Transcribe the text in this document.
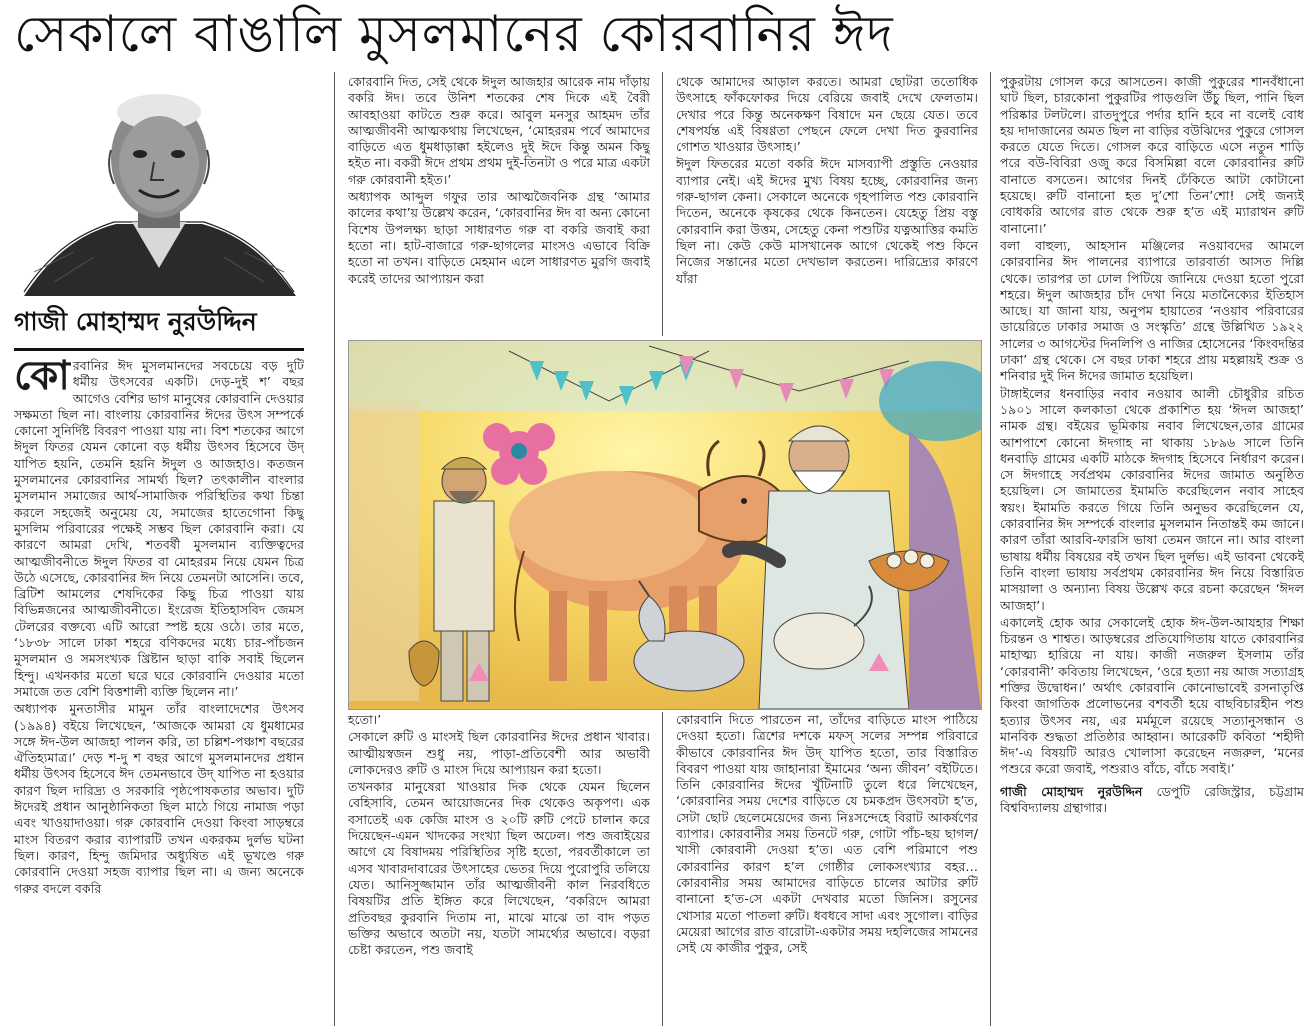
সেকালে বাঙালি মুসলমানের কোরবানির ঈদ
গাজী মোহাম্মদ নুরউদ্দিন

কোরবানির ঈদ মুসলমানদের সবচেয়ে বড় দুটি ধর্মীয় উৎসবের একটি। দেড়-দুই শ’ বছর আগেও বেশির ভাগ মানুষের কোরবানি দেওয়ার সক্ষমতা ছিল না। বাংলায় কোরবানির ঈদের উৎস সম্পর্কে কোনো সুনির্দিষ্ট বিবরণ পাওয়া যায় না। বিশ শতকের আগে ঈদুল ফিতর যেমন কোনো বড় ধর্মীয় উৎসব হিসেবে উদ্‌ যাপিত হয়নি, তেমনি হয়নি ঈদুল ও আজহাও। কতজন মুসলমানের কোরবানির সামর্থ্য ছিল? তৎকালীন বাংলার মুসলমান সমাজের আর্থ-সামাজিক পরিস্থিতির কথা চিন্তা করলে সহজেই অনুমেয় যে, সমাজের হাতেগোনা কিছু মুসলিম পরিবারের পক্ষেই সম্ভব ছিল কোরবানি করা। যে কারণে আমরা দেখি, শতবর্ষী মুসলমান ব্যক্তিত্বদের আত্মজীবনীতে ঈদুল ফিতর বা মোহররম নিয়ে যেমন চিত্র উঠে এসেছে, কোরবানির ঈদ নিয়ে তেমনটা আসেনি। তবে, ব্রিটিশ আমলের শেষদিকের কিছু চিত্র পাওয়া যায় বিভিন্নজনের আত্মজীবনীতে। ইংরেজ ইতিহাসবিদ জেমস টেলরের বক্তব্যে এটি আরো স্পষ্ট হয়ে ওঠে। তার মতে, ‘১৮৩৮ সালে ঢাকা শহরে বণিকদের মধ্যে চার-পাঁচজন মুসলমান ও সমসংখ্যক খ্রিষ্টান ছাড়া বাকি সবাই ছিলেন হিন্দু। এখনকার মতো ঘরে ঘরে কোরবানি দেওয়ার মতো সমাজে তত বেশি বিত্তশালী ব্যক্তি ছিলেন না।’

অধ্যাপক মুনতাসীর মামুন তাঁর বাংলাদেশের উৎসব (১৯৯৪) বইয়ে লিখেছেন, ‘আজকে আমরা যে ধুমধামের সঙ্গে ঈদ-উল আজহা পালন করি, তা চল্লিশ-পঞ্চাশ বছরের ঐতিহ্যমাত্র।’ দেড় শ-দু শ বছর আগে মুসলমানদের প্রধান ধর্মীয় উৎসব হিসেবে ঈদ তেমনভাবে উদ্‌ যাপিত না হওয়ার কারণ ছিল দারিদ্র্য ও সরকারি পৃষ্ঠপোষকতার অভাব। দুটি ঈদেরই প্রধান আনুষ্ঠানিকতা ছিল মাঠে গিয়ে নামাজ পড়া এবং খাওয়াদাওয়া। গরু কোরবানি দেওয়া কিংবা সাড়ম্বরে মাংস বিতরণ করার ব্যাপারটি তখন একরকম দুর্লভ ঘটনা ছিল। কারণ, হিন্দু জমিদার অধ্যুষিত এই ভূখণ্ডে গরু কোরবানি দেওয়া সহজ ব্যাপার ছিল না। এ জন্য অনেকে গরুর বদলে বকরি

কোরবানি দিত, সেই থেকে ঈদুল আজহার আরেক নাম দাঁড়ায় বকরি ঈদ। তবে উনিশ শতকের শেষ দিকে এই বৈরী আবহাওয়া কাটতে শুরু করে। আবুল মনসুর আহমদ তাঁর আত্মজীবনী আত্মকথায় লিখেছেন, ‘মোহররম পর্বে আমাদের বাড়িতে এত ধুমধাড়াক্কা হইলেও দুই ঈদে কিন্তু অমন কিছু হইত না। বকরী ঈদে প্রথম প্রথম দুই-তিনটা ও পরে মাত্র একটা গরু কোরবানী হইত।’

অধ্যাপক আব্দুল গফুর তার আত্মজৈবনিক গ্রন্থ ‘আমার কালের কথা’য় উল্লেখ করেন, ‘কোরবানির ঈদ বা অন্য কোনো বিশেষ উপলক্ষ্য ছাড়া সাধারণত গরু বা বকরি জবাই করা হতো না। হাট-বাজারে গরু-ছাগলের মাংসও এভাবে বিক্রি হতো না তখন। বাড়িতে মেহমান এলে সাধারণত মুরগি জবাই করেই তাদের আপ্যায়ন করা

থেকে আমাদের আড়াল করতে। আমরা ছোটরা ততোধিক উৎসাহে ফাঁকফোকর দিয়ে বেরিয়ে জবাই দেখে ফেলতাম। দেখার পরে কিন্তু অনেকক্ষণ বিষাদে মন ছেয়ে যেত। তবে শেষপর্যন্ত এই বিষণ্ণতা পেছনে ফেলে দেখা দিত কুরবানির গোশত খাওয়ার উৎসাহ।’

ঈদুল ফিতরের মতো বকরি ঈদে মাসব্যাপী প্রস্তুতি নেওয়ার ব্যাপার নেই। এই ঈদের মুখ্য বিষয় হচ্ছে, কোরবানির জন্য গরু-ছাগল কেনা। সেকালে অনেকে গৃহপালিত পশু কোরবানি দিতেন, অনেকে কৃষকের থেকে কিনতেন। যেহেতু প্রিয় বস্তু কোরবানি করা উত্তম, সেহেতু কেনা পশুটির যত্নআত্তির কমতি ছিল না। কেউ কেউ মাসখানেক আগে থেকেই পশু কিনে নিজের সন্তানের মতো দেখভাল করতেন। দারিদ্র্যের কারণে যাঁরা

হতো।’

সেকালে রুটি ও মাংসই ছিল কোরবানির ঈদের প্রধান খাবার। আত্মীয়স্বজন শুধু নয়, পাড়া-প্রতিবেশী আর অভাবী লোকদেরও রুটি ও মাংস দিয়ে আপ্যায়ন করা হতো।

তখনকার মানুষেরা খাওয়ার দিক থেকে যেমন ছিলেন বেহিসাবি, তেমন আয়োজনের দিক থেকেও অকৃপণ। এক বসাতেই এক কেজি মাংস ও ২০টি রুটি পেটে চালান করে দিয়েছেন-এমন খাদকের সংখ্যা ছিল অঢেল। পশু জবাইয়ের আগে যে বিষাদময় পরিস্থিতির সৃষ্টি হতো, পরবর্তীকালে তা এসব খাবারদাবারের উৎসাহের ভেতর দিয়ে পুরোপুরি তলিয়ে যেত। আনিসুজ্জামান তাঁর আত্মজীবনী কাল নিরবধিতে বিষয়টির প্রতি ইঙ্গিত করে লিখেছেন, ‘বকরিদে আমরা প্রতিবছর কুরবানি দিতাম না, মাঝে মাঝে তা বাদ পড়ত ভক্তির অভাবে অতটা নয়, যতটা সামর্থ্যের অভাবে। বড়রা চেষ্টা করতেন, পশু জবাই

কোরবানি দিতে পারতেন না, তাঁদের বাড়িতে মাংস পাঠিয়ে দেওয়া হতো। ত্রিশের দশকে মফস্‌ সলের সম্পন্ন পরিবারে কীভাবে কোরবানির ঈদ উদ্‌ যাপিত হতো, তার বিস্তারিত বিবরণ পাওয়া যায় জাহানারা ইমামের ‘অন্য জীবন’ বইটিতে। তিনি কোরবানির ঈদের খুঁটিনাটি তুলে ধরে লিখেছেন, ‘কোরবানির সময় দেশের বাড়িতে যে চমকপ্রদ উৎসবটা হ’ত, সেটা ছোট ছেলেমেয়েদের জন্য নিঃসন্দেহে বিরাট আকর্ষণের ব্যাপার। কোরবানীর সময় তিনটে গরু, গোটা পাঁচ-ছয় ছাগল/খাসী কোরবানী দেওয়া হ’ত। এত বেশি পরিমাণে পশু কোরবানির কারণ হ’ল গোষ্ঠীর লোকসংখ্যার বহর…কোরবানীর সময় আমাদের বাড়িতে চালের আটার রুটি বানানো হ’ত-সে একটা দেখবার মতো জিনিস। রসুনের খোসার মতো পাতলা রুটি। ধবধবে সাদা এবং সুগোল। বাড়ির মেয়েরা আগের রাত বারোটা-একটার সময় দহলিজের সামনের সেই যে কাজীর পুকুর, সেই

পুকুরটায় গোসল করে আসতেন। কাজী পুকুরের শানবঁধানো ঘাট ছিল, চারকোনা পুকুরটির পাড়গুলি উঁচু ছিল, পানি ছিল পরিষ্কার টলটলে। রাতদুপুরে পর্দার হানি হবে না বলেই বোধ হয় দাদাজানের অমত ছিল না বাড়ির বউঝিদের পুকুরে গোসল করতে যেতে দিতে। গোসল করে বাড়িতে এসে নতুন শাড়ি পরে বউ-বিবিরা ওজু করে বিসমিল্লা বলে কোরবানির রুটি বানাতে বসতেন। আগের দিনই ঢেঁকিতে আটা কোটানো হয়েছে। রুটি বানানো হত দু’শো তিন’শো! সেই জন্যই বোধকরি আগের রাত থেকে শুরু হ’ত এই ম্যারাথন রুটি বানানো।’

বলা বাহুল্য, আহসান মঞ্জিলের নওয়াবদের আমলে কোরবানির ঈদ পালনের ব্যাপারে তারবার্তা আসত দিল্লি থেকে। তারপর তা ঢোল পিটিয়ে জানিয়ে দেওয়া হতো পুরো শহরে। ঈদুল আজহার চাঁদ দেখা নিয়ে মতানৈক্যের ইতিহাস আছে। যা জানা যায়, অনুপম হায়াতের ‘নওয়াব পরিবারের ডায়েরিতে ঢাকার সমাজ ও সংস্কৃতি’ গ্রন্থে উল্লিখিত ১৯২২ সালের ৩ আগস্টের দিনলিপি ও নাজির হোসেনের ‘কিংবদন্তির ঢাকা’ গ্রন্থ থেকে। সে বছর ঢাকা শহরে প্রায় মহল্লায়ই শুক্র ও শনিবার দুই দিন ঈদের জামাত হয়েছিল।

টাঙ্গাইলের ধনবাড়ির নবাব নওয়াব আলী চৌধুরীর রচিত ১৯০১ সালে কলকাতা থেকে প্রকাশিত হয় ‘ঈদল আজহা’ নামক গ্রন্থ। বইয়ের ভূমিকায় নবাব লিখেছেন,তার গ্রামের আশপাশে কোনো ঈদগাহ না থাকায় ১৮৯৬ সালে তিনি ধনবাড়ি গ্রামের একটি মাঠকে ঈদগাহ হিসেবে নির্ধারণ করেন। সে ঈদগাহে সর্বপ্রথম কোরবানির ঈদের জামাত অনুষ্ঠিত হয়েছিল। সে জামাতের ইমামতি করেছিলেন নবাব সাহেব স্বয়ং। ইমামতি করতে গিয়ে তিনি অনুভব করেছিলেন যে, কোরবানির ঈদ সম্পর্কে বাংলার মুসলমান নিতান্তই কম জানে। কারণ তাঁরা আরবি-ফারসি ভাষা তেমন জানে না। আর বাংলা ভাষায় ধর্মীয় বিষয়ের বই তখন ছিল দুর্লভ। এই ভাবনা থেকেই তিনি বাংলা ভাষায় সর্বপ্রথম কোরবানির ঈদ নিয়ে বিস্তারিত মাসয়ালা ও অন্যান্য বিষয় উল্লেখ করে রচনা করেছেন ‘ঈদল আজহা’।

একালেই হোক আর সেকালেই হোক ঈদ-উল-আযহার শিক্ষা চিরন্তন ও শাশ্বত। আড়ম্বরের প্রতিযোগিতায় যাতে কোরবানির মাহাত্ম্য হারিয়ে না যায়। কাজী নজরুল ইসলাম তাঁর ‘কোরবানী’ কবিতায় লিখেছেন, ‘ওরে হত্যা নয় আজ সত্যাগ্রহ শক্তির উদ্বোধন।’ অর্থাৎ কোরবানি কোনোভাবেই রসনাতৃপ্তি কিংবা জাগতিক প্রলোভনের বশবর্তী হয়ে বাছবিচারহীন পশু হত্যার উৎসব নয়, এর মর্মমূলে রয়েছে সত্যানুসন্ধান ও মানবিক শুদ্ধতা প্রতিষ্ঠার আহ্বান। আরেকটি কবিতা ‘শহীদী ঈদ’-এ বিষয়টি আরও খোলাসা করেছেন নজরুল, ‘মনের পশুরে করো জবাই, পশুরাও বাঁচে, বাঁচে সবাই।’

গাজী মোহাম্মদ নুরউদ্দিন ডেপুটি রেজিস্ট্রার, চট্টগ্রাম বিশ্ববিদ্যালয় গ্রন্থাগার।
